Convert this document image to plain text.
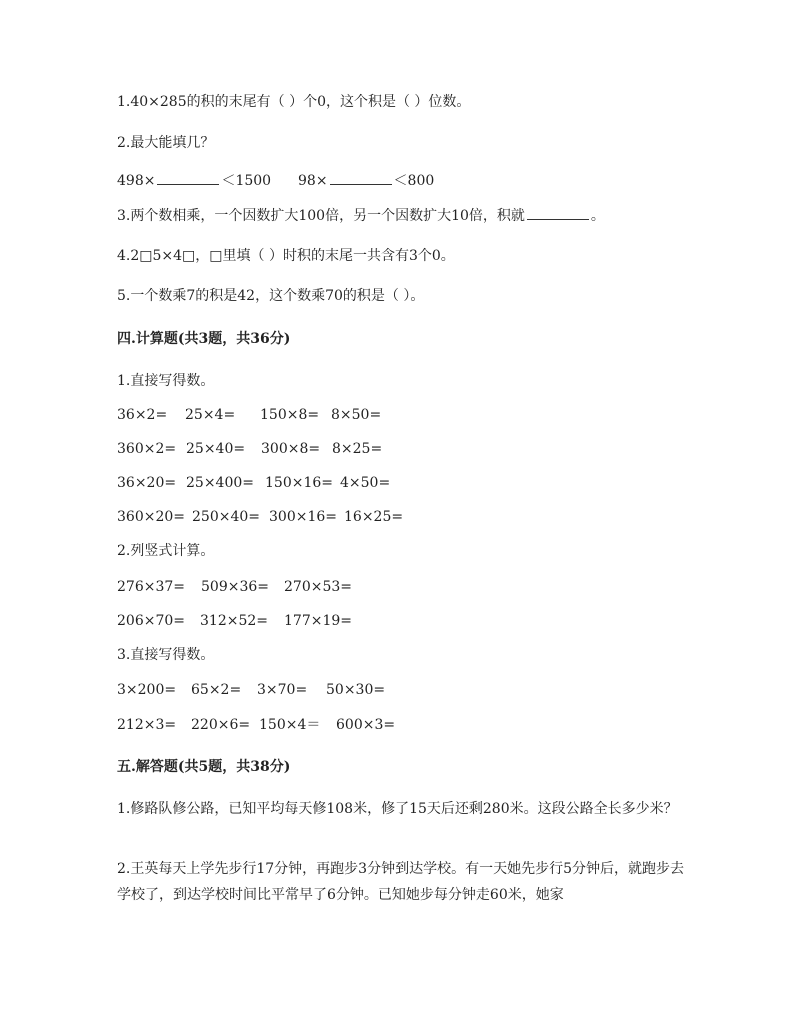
1.40×285的积的末尾有（ ）个0，这个积是（ ）位数。
2.最大能填几？
498×	＜1500 98×	＜800
3.两个数相乘，一个因数扩大100倍，另一个因数扩大10倍，积就	。
4.2□5×4□，□里填（ ）时积的末尾一共含有3个0。
5.一个数乘7的积是42，这个数乘70的积是（ ）。
四.计算题(共3题，共36分)
1.直接写得数。
36×2= 25×4= 150×8= 8×50=
360×2= 25×40= 300×8= 8×25=
36×20= 25×400= 150×16= 4×50=
360×20= 250×40= 300×16= 16×25=
2.列竖式计算。
276×37= 509×36= 270×53=
206×70= 312×52= 177×19=
3.直接写得数。
3×200= 65×2= 3×70= 50×30=
212×3= 220×6= 150×4＝ 600×3=
五.解答题(共5题，共38分)
1.修路队修公路，已知平均每天修108米，修了15天后还剩280米。这段公路全长多少米？
2.王英每天上学先步行17分钟，再跑步3分钟到达学校。有一天她先步行5分钟后，就跑步去学校了，到达学校时间比平常早了6分钟。已知她步每分钟走60米，她家
